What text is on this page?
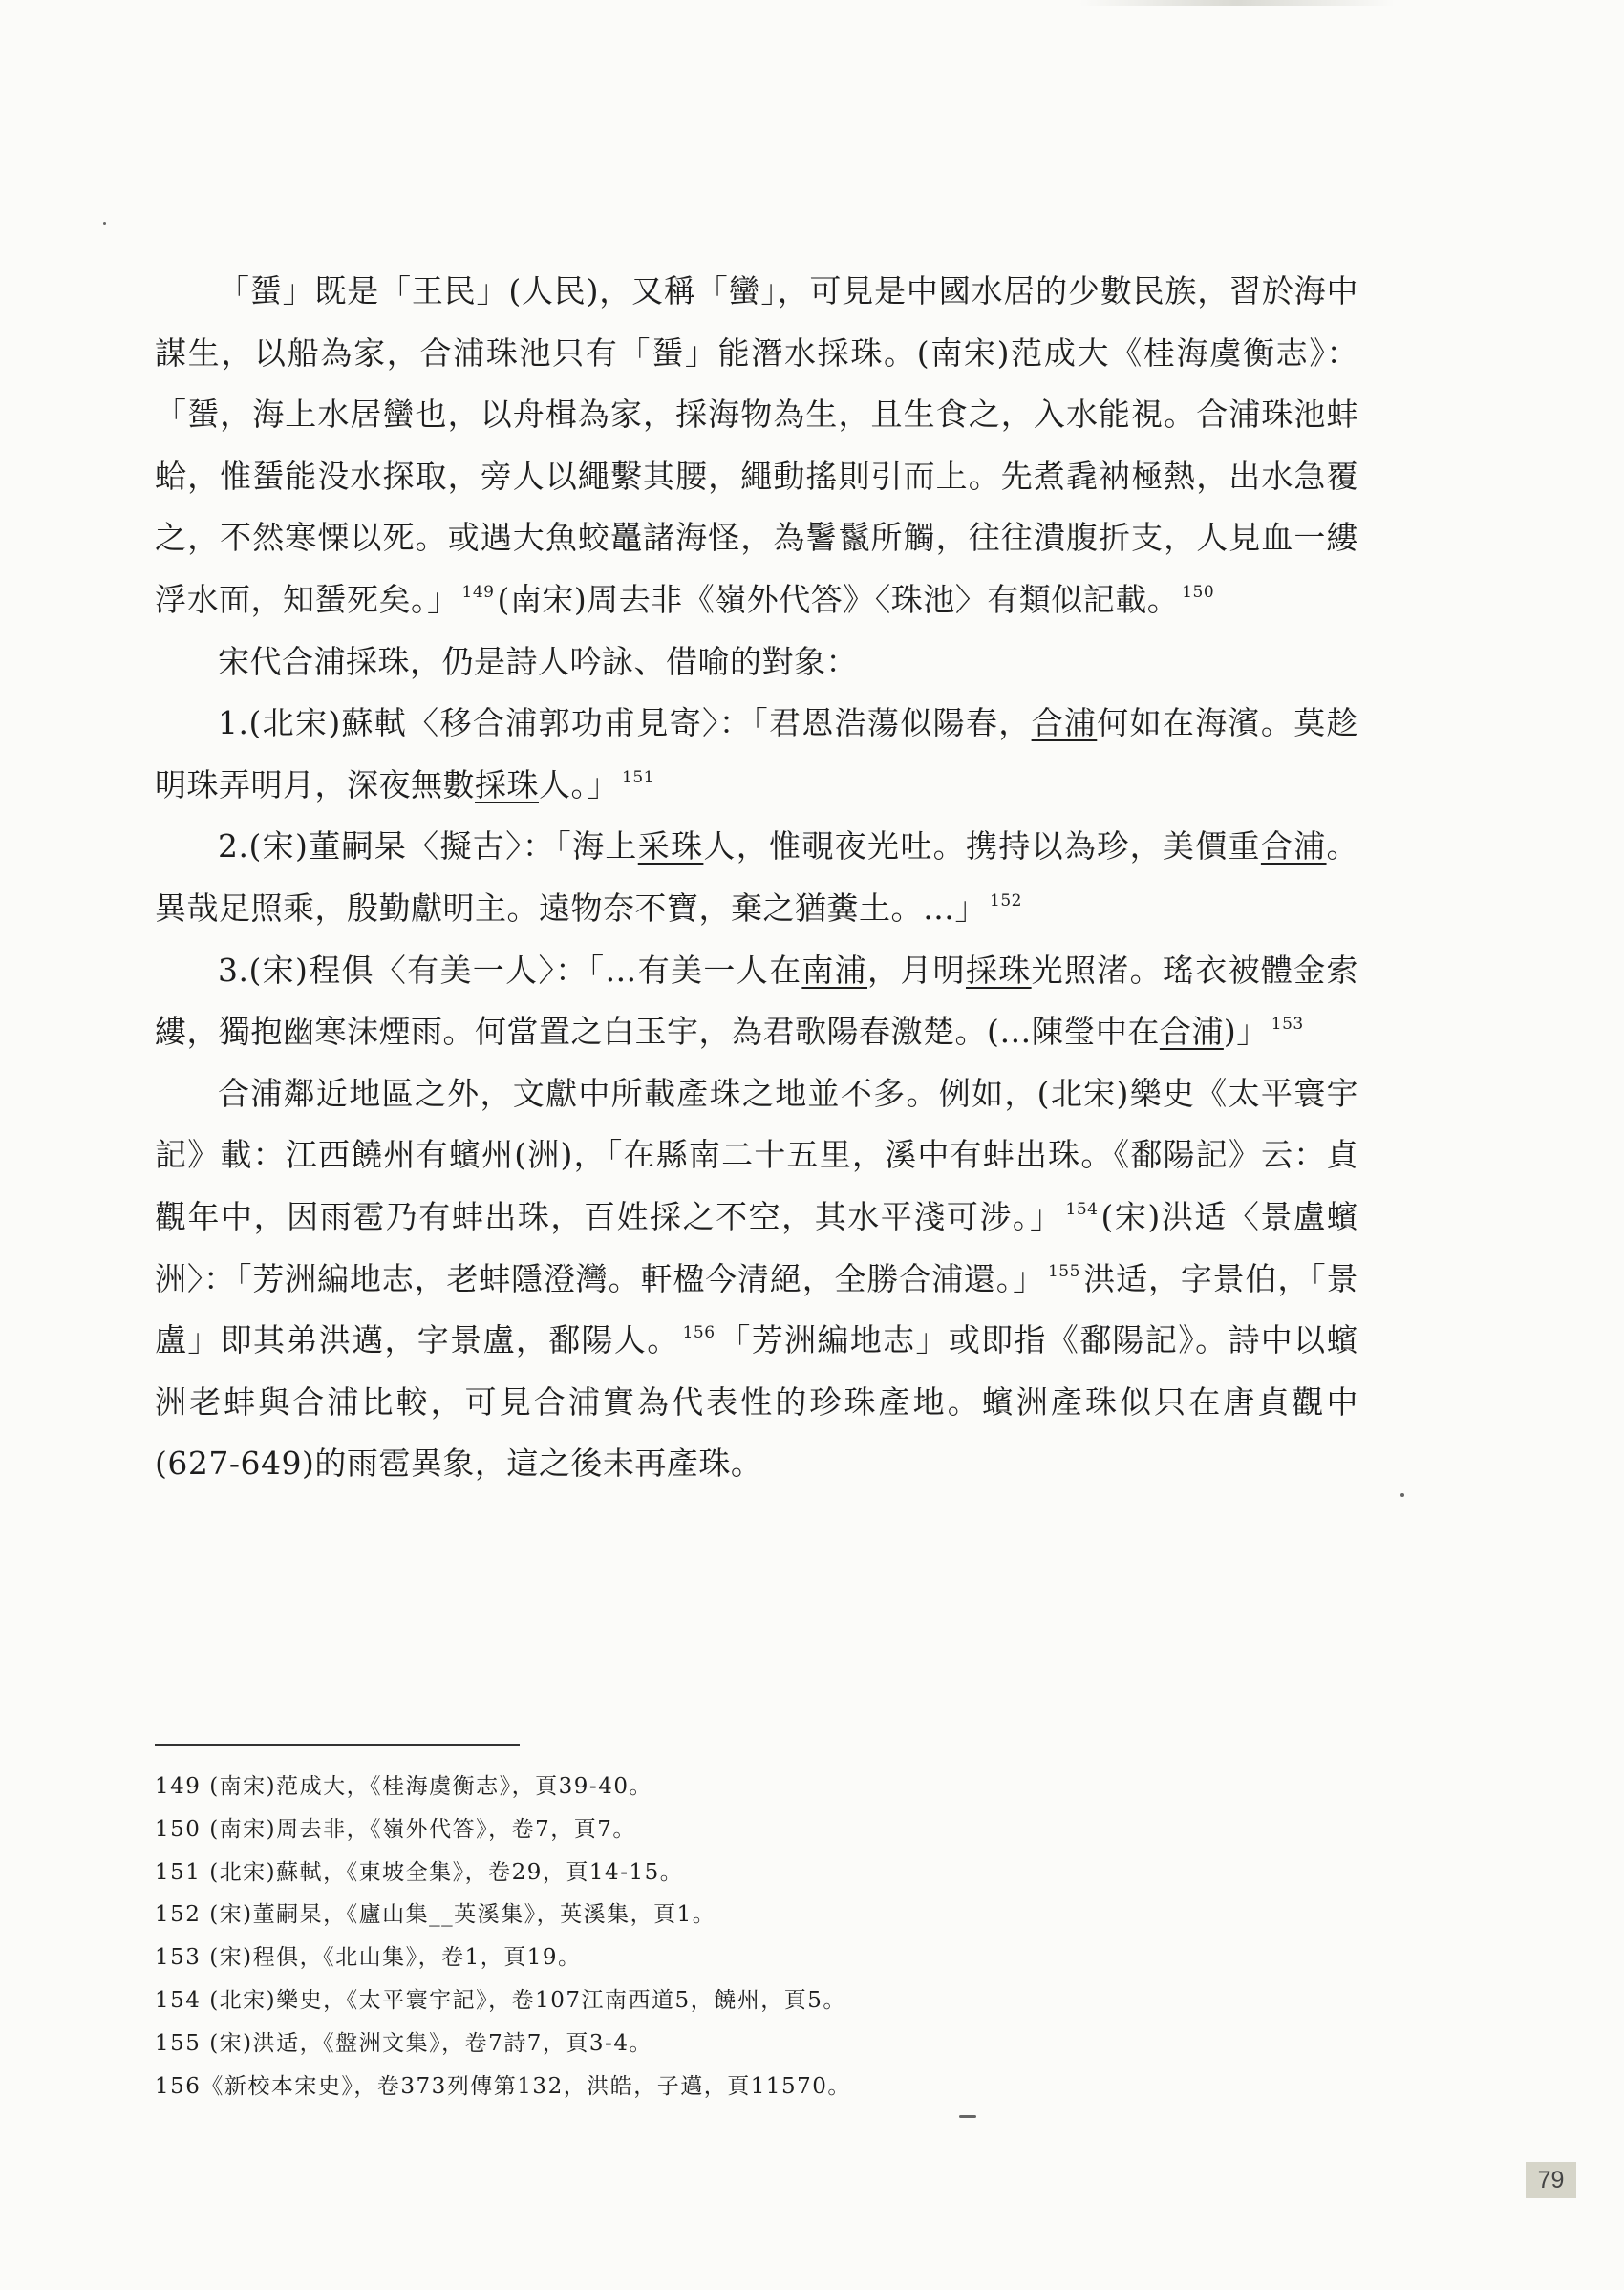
「蜑」既是「王民」(人民)，又稱「蠻」，可見是中國水居的少數民族，習於海中謀生，以船為家，合浦珠池只有「蜑」能潛水採珠。(南宋)范成大《桂海虞衡志》：「蜑，海上水居蠻也，以舟楫為家，採海物為生，且生食之，入水能視。合浦珠池蚌蛤，惟蜑能没水探取，旁人以繩繫其腰，繩動搖則引而上。先煮毳衲極熱，出水急覆之，不然寒慄以死。或遇大魚蛟鼉諸海怪，為鬐鬣所觸，往往潰腹折支，人見血一縷浮水面，知蜑死矣。」 $^{149}$(南宋)周去非《嶺外代答》〈珠池〉有類似記載。 $^{150}$

宋代合浦採珠，仍是詩人吟詠、借喻的對象：

1.(北宋)蘇軾〈移合浦郭功甫見寄〉：「君恩浩蕩似陽春，合浦何如在海濱。莫趁明珠弄明月，深夜無數採珠人。」 $^{151}$

2.(宋)董嗣杲〈擬古〉：「海上采珠人，惟覗夜光吐。携持以為珍，美價重合浦。異哉足照乘，殷勤獻明主。遠物奈不寶，棄之猶糞土。…」 $^{152}$

3.(宋)程俱〈有美一人〉：「…有美一人在南浦，月明採珠光照渚。瑤衣被體金索縷，獨抱幽寒沫煙雨。何當置之白玉宇，為君歌陽春激楚。(…陳瑩中在合浦)」 $^{153}$

合浦鄰近地區之外，文獻中所載產珠之地並不多。例如，(北宋)樂史《太平寰宇記》載：江西饒州有蠙州(洲)，「在縣南二十五里，溪中有蚌出珠。《鄱陽記》云：貞觀年中，因雨雹乃有蚌出珠，百姓採之不空，其水平淺可涉。」 $^{154}$(宋)洪适〈景盧蠙洲〉：「芳洲編地志，老蚌隱澄灣。軒楹今清絕，全勝合浦還。」 $^{155}$洪适，字景伯，「景盧」即其弟洪邁，字景盧，鄱陽人。 $^{156}$「芳洲編地志」或即指《鄱陽記》。詩中以蠙洲老蚌與合浦比較，可見合浦實為代表性的珍珠產地。蠙洲產珠似只在唐貞觀中(627-649)的雨雹異象，這之後未再產珠。

149 (南宋)范成大，《桂海虞衡志》，頁39-40。
150 (南宋)周去非，《嶺外代答》，卷7，頁7。
151 (北宋)蘇軾，《東坡全集》，卷29，頁14-15。
152 (宋)董嗣杲，《廬山集__英溪集》，英溪集，頁1。
153 (宋)程俱，《北山集》，卷1，頁19。
154 (北宋)樂史，《太平寰宇記》，卷107江南西道5，饒州，頁5。
155 (宋)洪适，《盤洲文集》，卷7詩7，頁3-4。
156《新校本宋史》，卷373列傳第132，洪皓，子邁，頁11570。
79
